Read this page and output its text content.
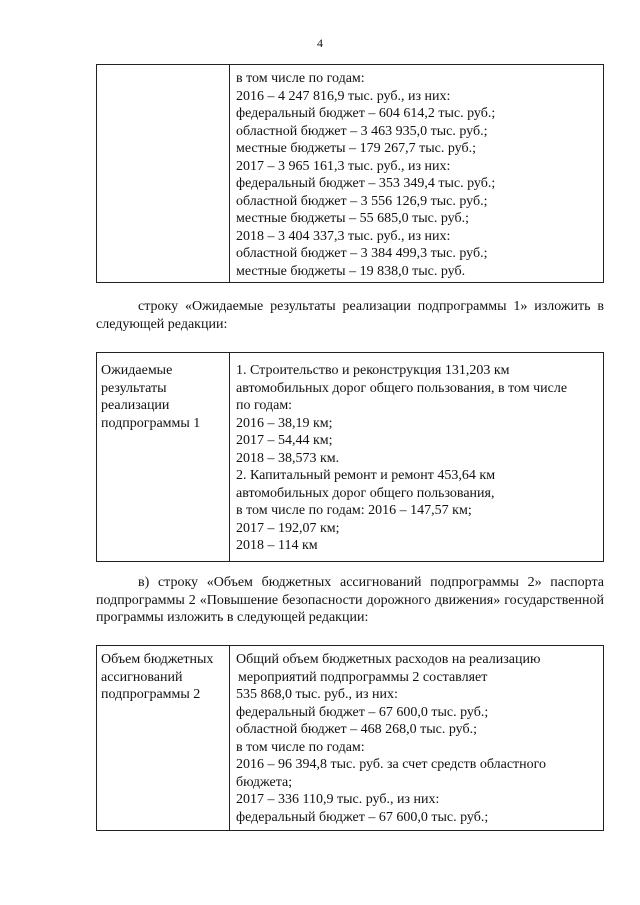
4

в том числе по годам:
2016 – 4 247 816,9 тыс. руб., из них:
федеральный бюджет – 604 614,2 тыс. руб.;
областной бюджет – 3 463 935,0 тыс. руб.;
местные бюджеты – 179 267,7 тыс. руб.;
2017 – 3 965 161,3 тыс. руб., из них:
федеральный бюджет – 353 349,4 тыс. руб.;
областной бюджет – 3 556 126,9 тыс. руб.;
местные бюджеты – 55 685,0 тыс. руб.;
2018 – 3 404 337,3 тыс. руб., из них:
областной бюджет – 3 384 499,3 тыс. руб.;
местные бюджеты – 19 838,0 тыс. руб.
строку «Ожидаемые результаты реализации подпрограммы 1» изложить в следующей редакции:
Ожидаемые
результаты
реализации
подпрограммы 1

1. Строительство и реконструкция 131,203 км
автомобильных дорог общего пользования, в том числе
по годам:
2016 – 38,19 км;
2017 – 54,44 км;
2018 – 38,573 км.
2. Капитальный ремонт и ремонт 453,64 км
автомобильных дорог общего пользования,
в том числе по годам: 2016 – 147,57 км;
2017 – 192,07 км;
2018 – 114 км
в) строку «Объем бюджетных ассигнований подпрограммы 2» паспорта подпрограммы 2 «Повышение безопасности дорожного движения» государственной программы изложить в следующей редакции:
Объем бюджетных
ассигнований
подпрограммы 2

Общий объем бюджетных расходов на реализацию
мероприятий подпрограммы 2 составляет
535 868,0 тыс. руб., из них:
федеральный бюджет – 67 600,0 тыс. руб.;
областной бюджет – 468 268,0 тыс. руб.;
в том числе по годам:
2016 – 96 394,8 тыс. руб. за счет средств областного
бюджета;
2017 – 336 110,9 тыс. руб., из них:
федеральный бюджет – 67 600,0 тыс. руб.;
